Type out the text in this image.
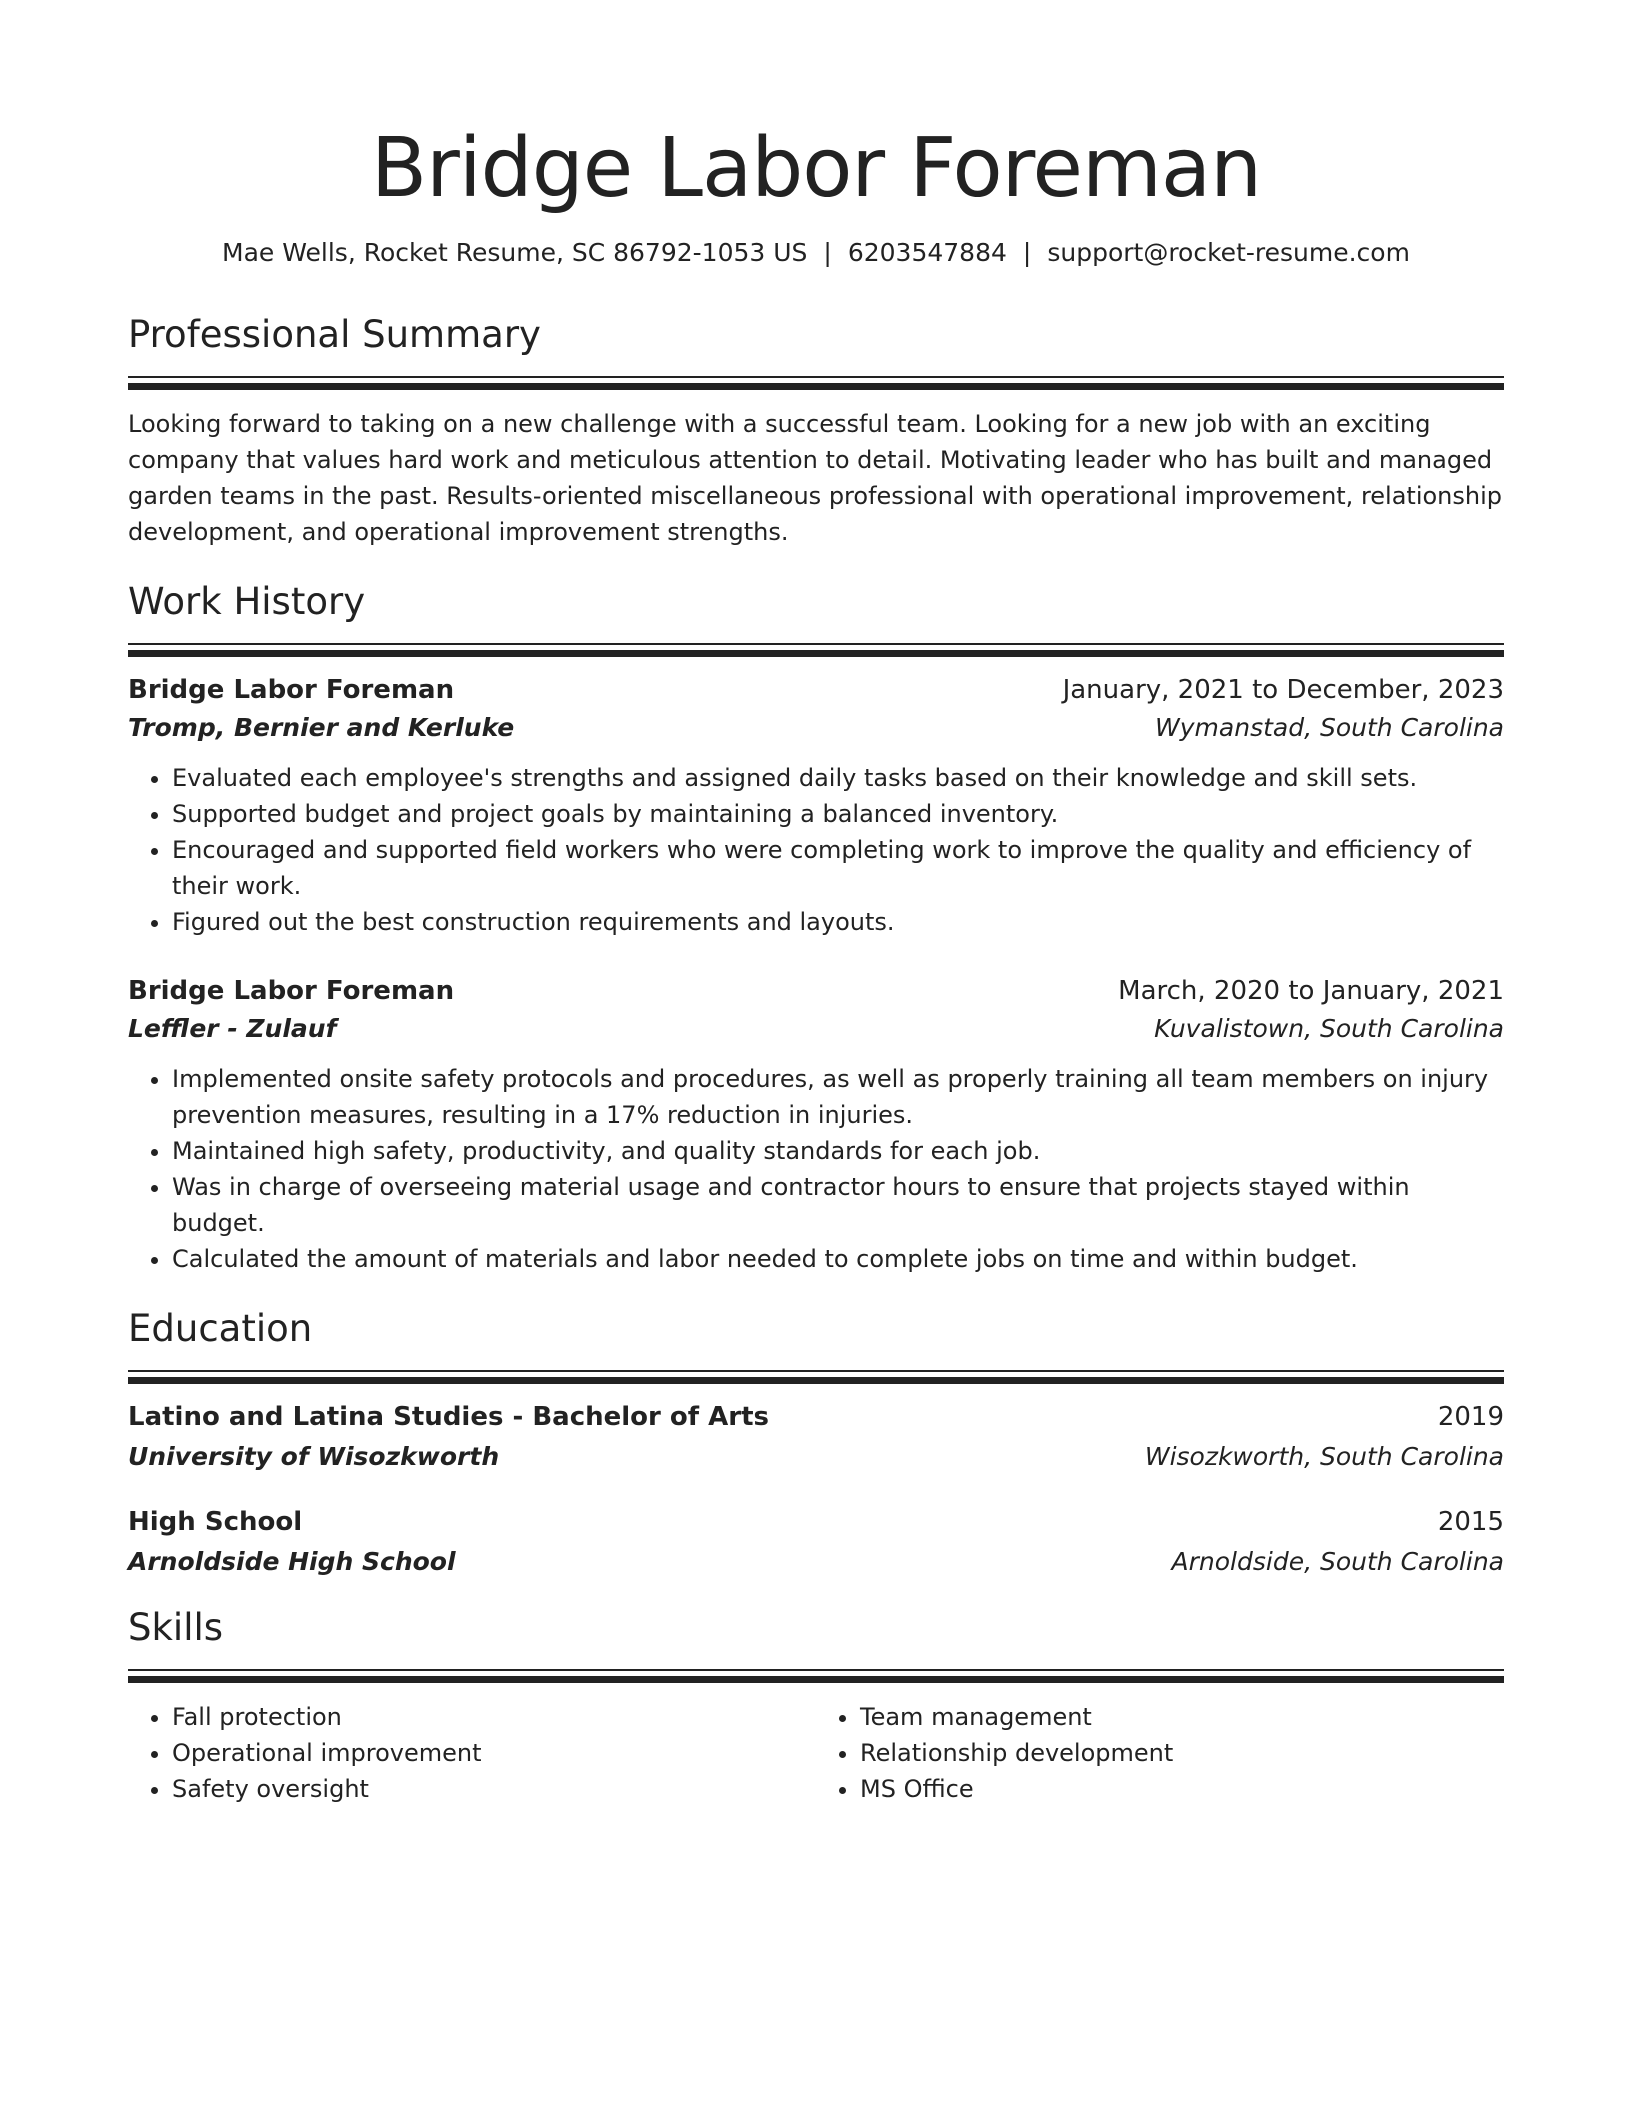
Bridge Labor Foreman
Mae Wells, Rocket Resume, SC 86792-1053 US | 6203547884 | support@rocket-resume.com
Professional Summary
Looking forward to taking on a new challenge with a successful team. Looking for a new job with an exciting company that values hard work and meticulous attention to detail. Motivating leader who has built and managed garden teams in the past. Results-oriented miscellaneous professional with operational improvement, relationship development, and operational improvement strengths.
Work History
Bridge Labor Foreman	January, 2021 to December, 2023
Tromp, Bernier and Kerluke	Wymanstad, South Carolina
• Evaluated each employee's strengths and assigned daily tasks based on their knowledge and skill sets.
• Supported budget and project goals by maintaining a balanced inventory.
• Encouraged and supported field workers who were completing work to improve the quality and efficiency of their work.
• Figured out the best construction requirements and layouts.
Bridge Labor Foreman	March, 2020 to January, 2021
Leffler - Zulauf	Kuvalistown, South Carolina
• Implemented onsite safety protocols and procedures, as well as properly training all team members on injury prevention measures, resulting in a 17% reduction in injuries.
• Maintained high safety, productivity, and quality standards for each job.
• Was in charge of overseeing material usage and contractor hours to ensure that projects stayed within budget.
• Calculated the amount of materials and labor needed to complete jobs on time and within budget.
Education
Latino and Latina Studies - Bachelor of Arts	2019
University of Wisozkworth	Wisozkworth, South Carolina
High School	2015
Arnoldside High School	Arnoldside, South Carolina
Skills
• Fall protection
• Operational improvement
• Safety oversight
• Team management
• Relationship development
• MS Office
